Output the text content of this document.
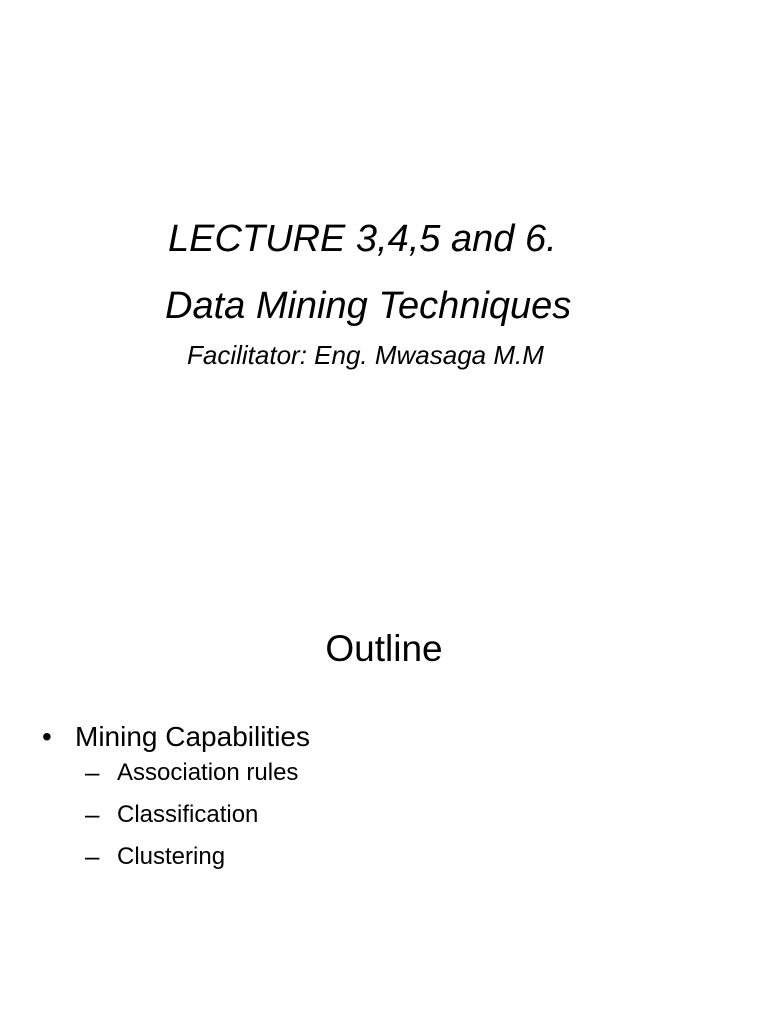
LECTURE 3,4,5 and 6.
Data Mining Techniques
Facilitator: Eng. Mwasaga M.M
Outline
• Mining Capabilities
– Association rules
– Classification
– Clustering
